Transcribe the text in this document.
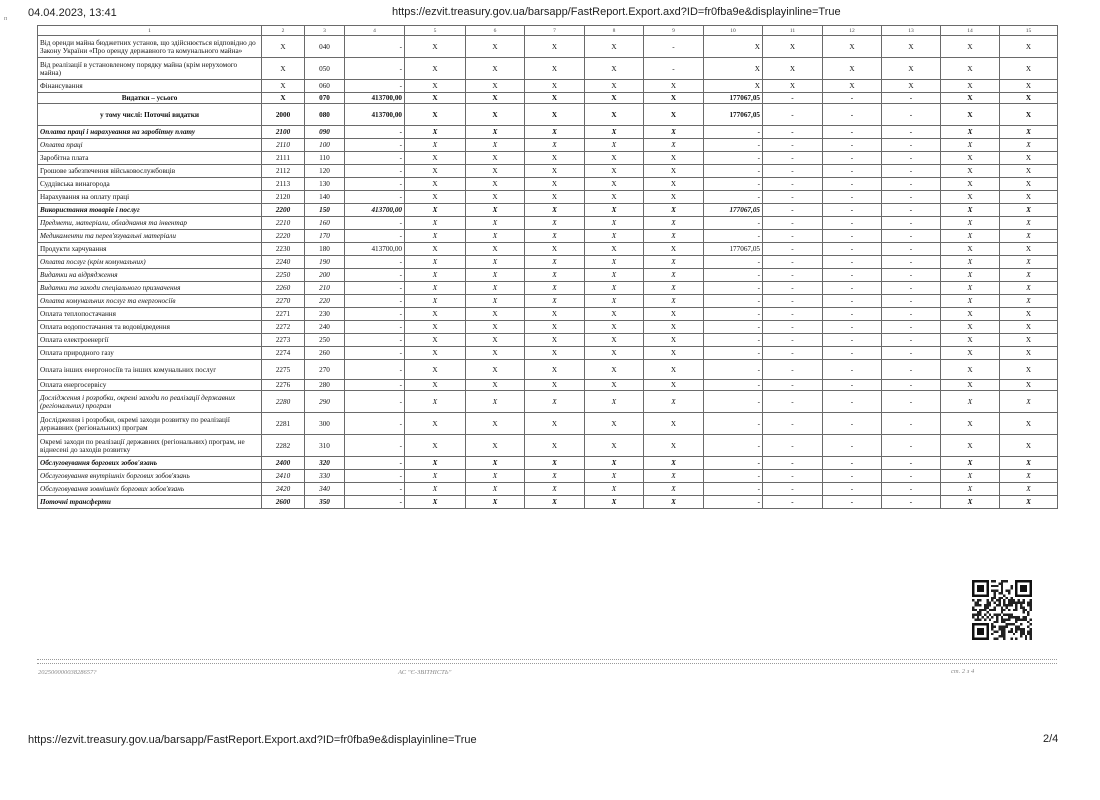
п 04.04.2023, 13:41	https://ezvit.treasury.gov.ua/barsapp/FastReport.Export.axd?ID=fr0fba9e&displayinline=True
1	2	3	4	5	6	7	8	9	10	11	12	13	14	15
Від оренди майна бюджетних установ, що здійснюється відповідно до Закону України «Про оренду державного та комунального майна»	X	040	-	X	X	X	X	-	X	X	X	X	X	X
Від реалізації в установленому порядку майна (крім нерухомого майна)	X	050	-	X	X	X	X	-	X	X	X	X	X	X
Фінансування	X	060	-	X	X	X	X	X	X	X	X	X	X	X
Видатки – усього	X	070	413700,00	X	X	X	X	X	177067,05	-	-	-	X	X
у тому числі: Поточні видатки	2000	080	413700,00	X	X	X	X	X	177067,05	-	-	-	X	X
Оплата праці і нарахування на заробітну плату	2100	090	-	X	X	X	X	X	-	-	-	-	X	X
Оплата праці	2110	100	-	X	X	X	X	X	-	-	-	-	X	X
Заробітна плата	2111	110	-	X	X	X	X	X	-	-	-	-	X	X
Грошове забезпечення військовослужбовців	2112	120	-	X	X	X	X	X	-	-	-	-	X	X
Суддівська винагорода	2113	130	-	X	X	X	X	X	-	-	-	-	X	X
Нарахування на оплату праці	2120	140	-	X	X	X	X	X	-	-	-	-	X	X
Використання товарів і послуг	2200	150	413700,00	X	X	X	X	X	177067,05	-	-	-	X	X
Предмети, матеріали, обладнання та інвентар	2210	160	-	X	X	X	X	X	-	-	-	-	X	X
Медикаменти та перев'язувальні матеріали	2220	170	-	X	X	X	X	X	-	-	-	-	X	X
Продукти харчування	2230	180	413700,00	X	X	X	X	X	177067,05	-	-	-	X	X
Оплата послуг (крім комунальних)	2240	190	-	X	X	X	X	X	-	-	-	-	X	X
Видатки на відрядження	2250	200	-	X	X	X	X	X	-	-	-	-	X	X
Видатки та заходи спеціального призначення	2260	210	-	X	X	X	X	X	-	-	-	-	X	X
Оплата комунальних послуг та енергоносіїв	2270	220	-	X	X	X	X	X	-	-	-	-	X	X
Оплата теплопостачання	2271	230	-	X	X	X	X	X	-	-	-	-	X	X
Оплата водопостачання та водовідведення	2272	240	-	X	X	X	X	X	-	-	-	-	X	X
Оплата електроенергії	2273	250	-	X	X	X	X	X	-	-	-	-	X	X
Оплата природного газу	2274	260	-	X	X	X	X	X	-	-	-	-	X	X
Оплата інших енергоносіїв та інших комунальних послуг	2275	270	-	X	X	X	X	X	-	-	-	-	X	X
Оплата енергосервісу	2276	280	-	X	X	X	X	X	-	-	-	-	X	X
Дослідження і розробки, окремі заходи по реалізації державних (регіональних) програм	2280	290	-	X	X	X	X	X	-	-	-	-	X	X
Дослідження і розробки, окремі заходи розвитку по реалізації державних (регіональних) програм	2281	300	-	X	X	X	X	X	-	-	-	-	X	X
Окремі заходи по реалізації державних (регіональних) програм, не віднесені до заходів розвитку	2282	310	-	X	X	X	X	X	-	-	-	-	X	X
Обслуговування боргових зобов'язань	2400	320	-	X	X	X	X	X	-	-	-	-	X	X
Обслуговування внутрішніх боргових зобов'язань	2410	330	-	X	X	X	X	X	-	-	-	-	X	X
Обслуговування зовнішніх боргових зобов'язань	2420	340	-	X	X	X	X	X	-	-	-	-	X	X
Поточні трансферти	2600	350	-	X	X	X	X	X	-	-	-	-	X	X
20250000003828657?	АС "Є-ЗВІТНІСТЬ"	ст. 2 з 4
https://ezvit.treasury.gov.ua/barsapp/FastReport.Export.axd?ID=fr0fba9e&displayinline=True	2/4
